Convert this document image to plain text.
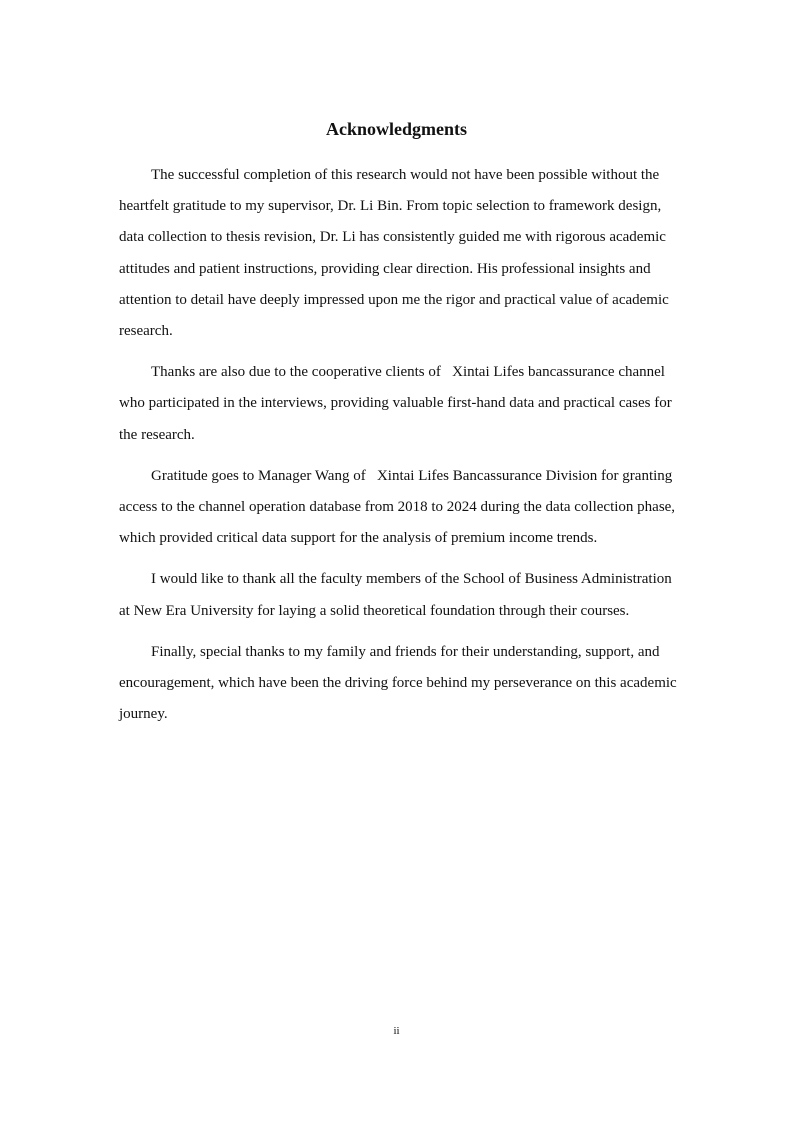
Acknowledgments

The successful completion of this research would not have been possible without the heartfelt gratitude to my supervisor, Dr. Li Bin. From topic selection to framework design, data collection to thesis revision, Dr. Li has consistently guided me with rigorous academic attitudes and patient instructions, providing clear direction. His professional insights and attention to detail have deeply impressed upon me the rigor and practical value of academic research.

Thanks are also due to the cooperative clients of   Xintai Lifes bancassurance channel who participated in the interviews, providing valuable first-hand data and practical cases for the research.

Gratitude goes to Manager Wang of   Xintai Lifes Bancassurance Division for granting access to the channel operation database from 2018 to 2024 during the data collection phase, which provided critical data support for the analysis of premium income trends.

I would like to thank all the faculty members of the School of Business Administration at New Era University for laying a solid theoretical foundation through their courses.

Finally, special thanks to my family and friends for their understanding, support, and encouragement, which have been the driving force behind my perseverance on this academic journey.

ii
